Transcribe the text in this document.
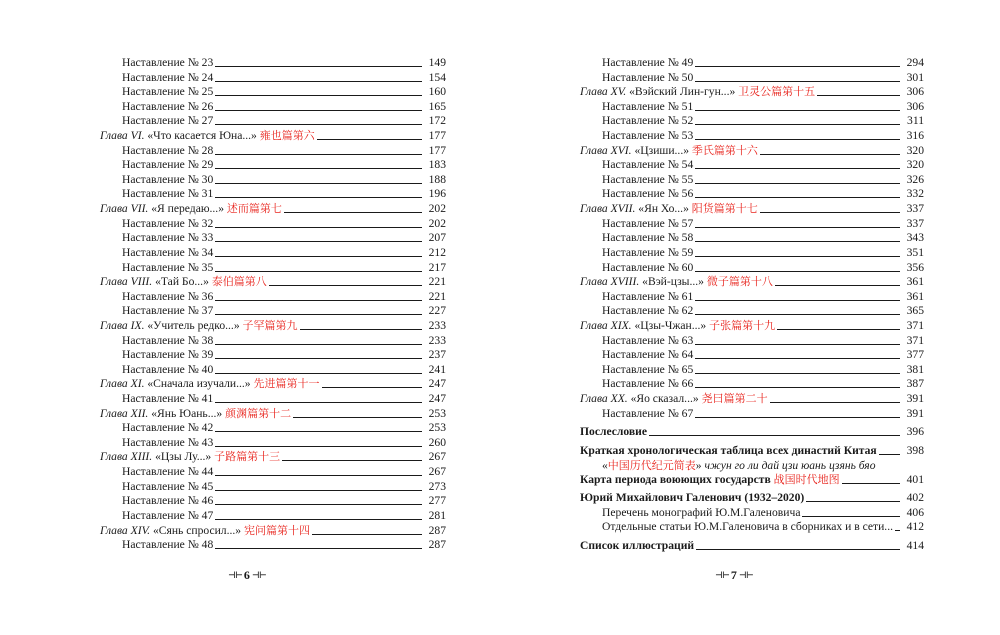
Наставление № 23	149
Наставление № 24	154
Наставление № 25	160
Наставление № 26	165
Наставление № 27	172
Глава VI. «Что касается Юна...» 雍也篇第六	177
Наставление № 28	177
Наставление № 29	183
Наставление № 30	188
Наставление № 31	196
Глава VII. «Я передаю...» 述而篇第七	202
Наставление № 32	202
Наставление № 33	207
Наставление № 34	212
Наставление № 35	217
Глава VIII. «Тай Бо...» 泰伯篇第八	221
Наставление № 36	221
Наставление № 37	227
Глава IX. «Учитель редко...» 子罕篇第九	233
Наставление № 38	233
Наставление № 39	237
Наставление № 40	241
Глава XI. «Сначала изучали...» 先进篇第十一	247
Наставление № 41	247
Глава XII. «Янь Юань...» 颜渊篇第十二	253
Наставление № 42	253
Наставление № 43	260
Глава XIII. «Цзы Лу...» 子路篇第十三	267
Наставление № 44	267
Наставление № 45	273
Наставление № 46	277
Наставление № 47	281
Глава XIV. «Сянь спросил...» 宪问篇第十四	287
Наставление № 48	287
Наставление № 49	294
Наставление № 50	301
Глава XV. «Вэйский Лин-гун...» 卫灵公篇第十五	306
Наставление № 51	306
Наставление № 52	311
Наставление № 53	316
Глава XVI. «Цзиши...» 季氏篇第十六	320
Наставление № 54	320
Наставление № 55	326
Наставление № 56	332
Глава XVII. «Ян Хо...» 阳货篇第十七	337
Наставление № 57	337
Наставление № 58	343
Наставление № 59	351
Наставление № 60	356
Глава XVIII. «Вэй-цзы...» 微子篇第十八	361
Наставление № 61	361
Наставление № 62	365
Глава XIX. «Цзы-Чжан...» 子张篇第十九	371
Наставление № 63	371
Наставление № 64	377
Наставление № 65	381
Наставление № 66	387
Глава XX. «Яо сказал...» 尧曰篇第二十	391
Наставление № 67	391
Послесловие	396
Краткая хронологическая таблица всех династий Китая	398
«中国历代纪元简表» чжун го ли дай цзи юань цзянь бяо
Карта периода воюющих государств 战国时代地图	401
Юрий Михайлович Галенович (1932–2020)	402
Перечень монографий Ю.М.Галеновича	406
Отдельные статьи Ю.М.Галеновича в сборниках и в сети... 412
Список иллюстраций	414
⊣⊢ 6 ⊣⊢	⊣⊢ 7 ⊣⊢
